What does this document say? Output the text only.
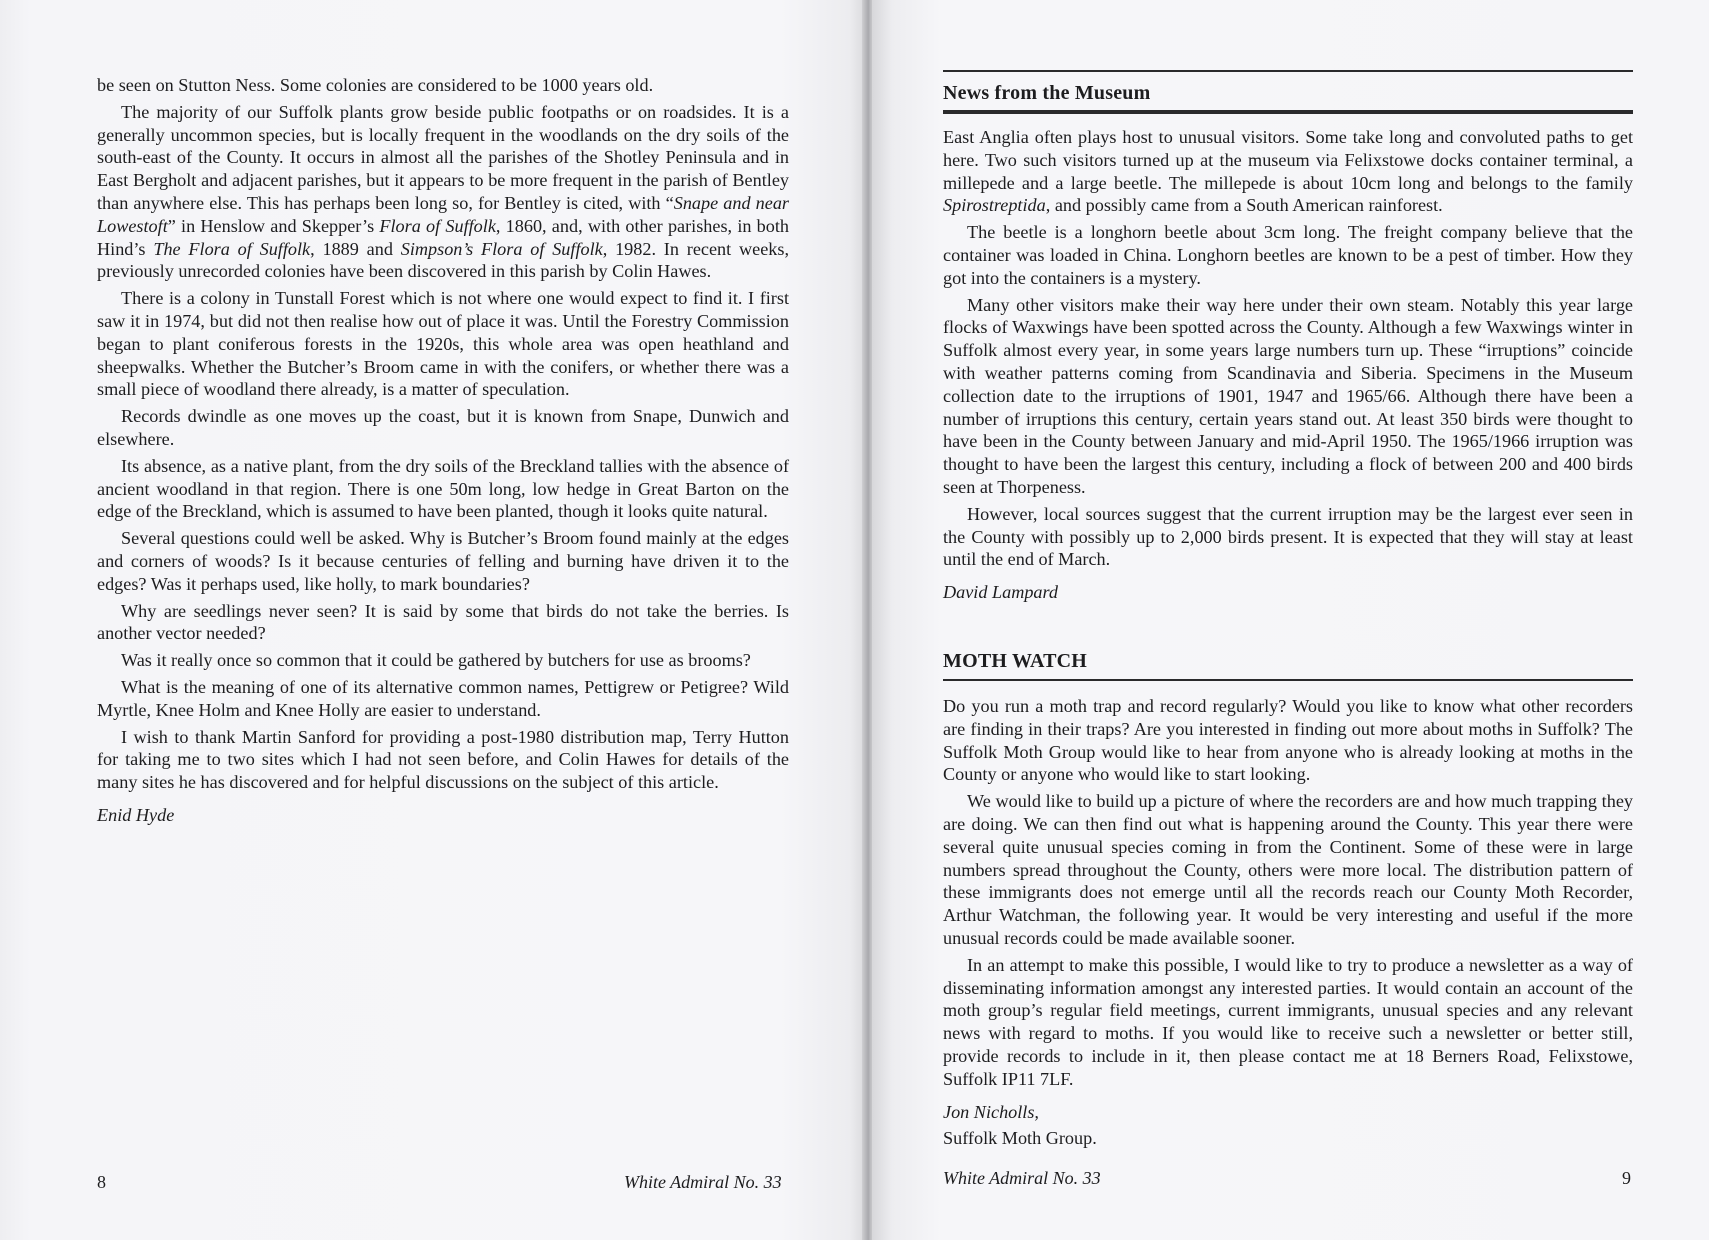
be seen on Stutton Ness. Some colonies are considered to be 1000 years old.

The majority of our Suffolk plants grow beside public footpaths or on roadsides. It is a generally uncommon species, but is locally frequent in the woodlands on the dry soils of the south-east of the County. It occurs in almost all the parishes of the Shotley Peninsula and in East Bergholt and adjacent parishes, but it appears to be more frequent in the parish of Bentley than anywhere else. This has perhaps been long so, for Bentley is cited, with “Snape and near Lowestoft” in Henslow and Skepper’s Flora of Suffolk, 1860, and, with other parishes, in both Hind’s The Flora of Suffolk, 1889 and Simpson’s Flora of Suffolk, 1982. In recent weeks, previously unrecorded colonies have been discovered in this parish by Colin Hawes.

There is a colony in Tunstall Forest which is not where one would expect to find it. I first saw it in 1974, but did not then realise how out of place it was. Until the Forestry Commission began to plant coniferous forests in the 1920s, this whole area was open heathland and sheepwalks. Whether the Butcher’s Broom came in with the conifers, or whether there was a small piece of woodland there already, is a matter of speculation.

Records dwindle as one moves up the coast, but it is known from Snape, Dunwich and elsewhere.

Its absence, as a native plant, from the dry soils of the Breckland tallies with the absence of ancient woodland in that region. There is one 50m long, low hedge in Great Barton on the edge of the Breckland, which is assumed to have been planted, though it looks quite natural.

Several questions could well be asked. Why is Butcher’s Broom found mainly at the edges and corners of woods? Is it because centuries of felling and burning have driven it to the edges? Was it perhaps used, like holly, to mark boundaries?

Why are seedlings never seen? It is said by some that birds do not take the berries. Is another vector needed?

Was it really once so common that it could be gathered by butchers for use as brooms?

What is the meaning of one of its alternative common names, Pettigrew or Petigree? Wild Myrtle, Knee Holm and Knee Holly are easier to understand.

I wish to thank Martin Sanford for providing a post-1980 distribution map, Terry Hutton for taking me to two sites which I had not seen before, and Colin Hawes for details of the many sites he has discovered and for helpful discussions on the subject of this article.

Enid Hyde

8	White Admiral No. 33
News from the Museum

East Anglia often plays host to unusual visitors. Some take long and convoluted paths to get here. Two such visitors turned up at the museum via Felixstowe docks container terminal, a millepede and a large beetle. The millepede is about 10cm long and belongs to the family Spirostreptida, and possibly came from a South American rainforest.

The beetle is a longhorn beetle about 3cm long. The freight company believe that the container was loaded in China. Longhorn beetles are known to be a pest of timber. How they got into the containers is a mystery.

Many other visitors make their way here under their own steam. Notably this year large flocks of Waxwings have been spotted across the County. Although a few Waxwings winter in Suffolk almost every year, in some years large numbers turn up. These “irruptions” coincide with weather patterns coming from Scandinavia and Siberia. Specimens in the Museum collection date to the irruptions of 1901, 1947 and 1965/66. Although there have been a number of irruptions this century, certain years stand out. At least 350 birds were thought to have been in the County between January and mid-April 1950. The 1965/1966 irruption was thought to have been the largest this century, including a flock of between 200 and 400 birds seen at Thorpeness.

However, local sources suggest that the current irruption may be the largest ever seen in the County with possibly up to 2,000 birds present. It is expected that they will stay at least until the end of March.

David Lampard

MOTH WATCH

Do you run a moth trap and record regularly? Would you like to know what other recorders are finding in their traps? Are you interested in finding out more about moths in Suffolk? The Suffolk Moth Group would like to hear from anyone who is already looking at moths in the County or anyone who would like to start looking.

We would like to build up a picture of where the recorders are and how much trapping they are doing. We can then find out what is happening around the County. This year there were several quite unusual species coming in from the Continent. Some of these were in large numbers spread throughout the County, others were more local. The distribution pattern of these immigrants does not emerge until all the records reach our County Moth Recorder, Arthur Watchman, the following year. It would be very interesting and useful if the more unusual records could be made available sooner.

In an attempt to make this possible, I would like to try to produce a newsletter as a way of disseminating information amongst any interested parties. It would contain an account of the moth group’s regular field meetings, current immigrants, unusual species and any relevant news with regard to moths. If you would like to receive such a newsletter or better still, provide records to include in it, then please contact me at 18 Berners Road, Felixstowe, Suffolk IP11 7LF.

Jon Nicholls,

Suffolk Moth Group.

White Admiral No. 33	9
